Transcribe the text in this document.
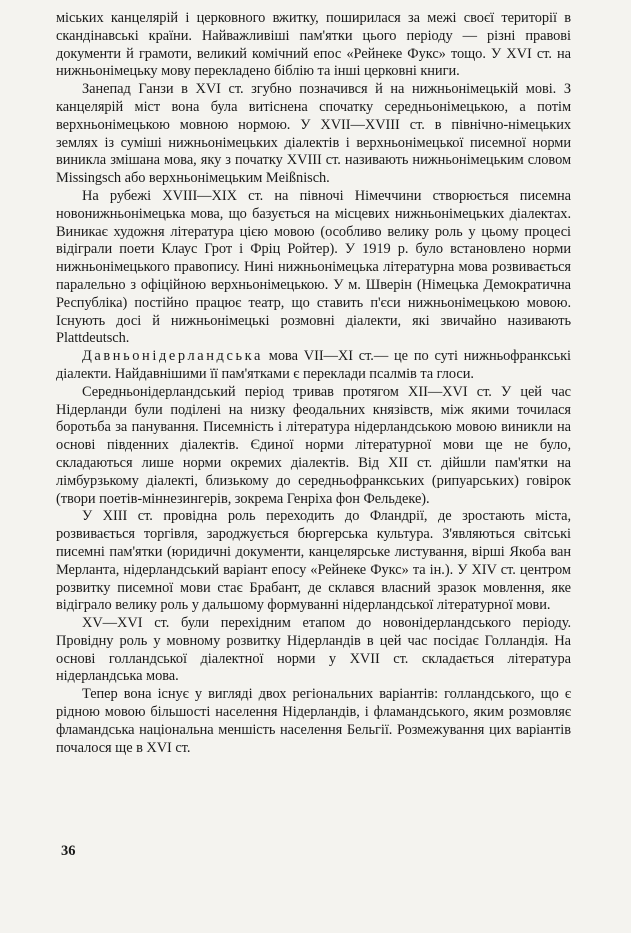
міських канцелярій і церковного вжитку, поширилася за межі своєї території в скандінавські країни. Найважливіші пам'ятки цього періоду — різні правові документи й грамоти, великий комічний епос «Рейнеке Фукс» тощо. У XVI ст. на нижньонімецьку мову перекладено біблію та інші церковні книги.

Занепад Ганзи в XVI ст. згубно позначився й на нижньонімецькій мові. З канцелярій міст вона була витіснена спочатку середньонімецькою, а потім верхньонімецькою мовною нормою. У XVII—XVIII ст. в північно-німецьких землях із суміші нижньонімецьких діалектів і верхньонімецької писемної норми виникла змішана мова, яку з початку XVIII ст. називають нижньонімецьким словом Missingsch або верхньонімецьким Meißnisch.

На рубежі XVIII—XIX ст. на півночі Німеччини створюється писемна новонижньонімецька мова, що базується на місцевих нижньонімецьких діалектах. Виникає художня література цією мовою (особливо велику роль у цьому процесі відіграли поети Клаус Грот і Фріц Ройтер). У 1919 р. було встановлено норми нижньонімецького правопису. Нині нижньонімецька літературна мова розвивається паралельно з офіційною верхньонімецькою. У м. Шверін (Німецька Демократична Республіка) постійно працює театр, що ставить п'єси нижньонімецькою мовою. Існують досі й нижньонімецькі розмовні діалекти, які звичайно називають Plattdeutsch.

Давньонідерландська мова VII—XI ст.— це по суті нижньофранкські діалекти. Найдавнішими її пам'ятками є переклади псалмів та глоси.

Середньонідерландський період тривав протягом XII—XVI ст. У цей час Нідерланди були поділені на низку феодальних князівств, між якими точилася боротьба за панування. Писемність і література нідерландською мовою виникли на основі південних діалектів. Єдиної норми літературної мови ще не було, складаються лише норми окремих діалектів. Від XII ст. дійшли пам'ятки на лімбурзькому діалекті, близькому до середньофранкських (рипуарських) говірок (твори поетів-міннезингерів, зокрема Генріха фон Фельдеке).

У XIII ст. провідна роль переходить до Фландрії, де зростають міста, розвивається торгівля, зароджується бюргерська культура. З'являються світські писемні пам'ятки (юридичні документи, канцелярське листування, вірші Якоба ван Мерланта, нідерландський варіант епосу «Рейнеке Фукс» та ін.). У XIV ст. центром розвитку писемної мови стає Брабант, де склався власний зразок мовлення, яке відіграло велику роль у дальшому формуванні нідерландської літературної мови.

XV—XVI ст. були перехідним етапом до новонідерландського періоду. Провідну роль у мовному розвитку Нідерландів в цей час посідає Голландія. На основі голландської діалектної норми у XVII ст. складається література нідерландська мова.

Тепер вона існує у вигляді двох регіональних варіантів: голландського, що є рідною мовою більшості населення Нідерландів, і фламандського, яким розмовляє фламандська національна меншість населення Бельгії. Розмежування цих варіантів почалося ще в XVI ст.

36
